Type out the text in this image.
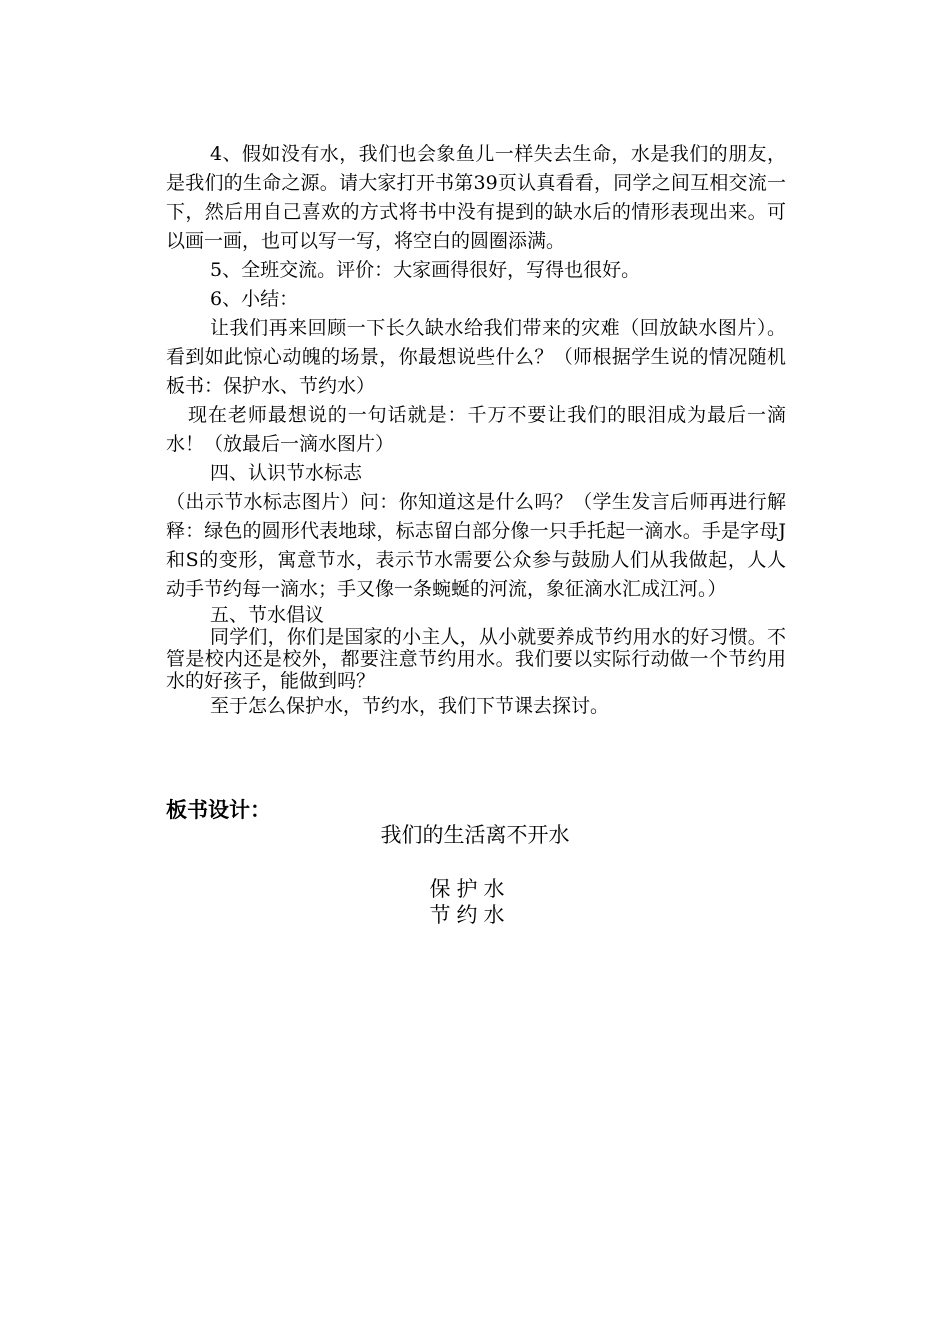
4、假如没有水，我们也会象鱼儿一样失去生命，水是我们的朋友，是我们的生命之源。请大家打开书第39页认真看看，同学之间互相交流一下，然后用自己喜欢的方式将书中没有提到的缺水后的情形表现出来。可以画一画，也可以写一写，将空白的圆圈添满。

5、全班交流。评价：大家画得很好，写得也很好。

6、小结：

让我们再来回顾一下长久缺水给我们带来的灾难（回放缺水图片）。看到如此惊心动魄的场景，你最想说些什么？（师根据学生说的情况随机板书：保护水、节约水）

现在老师最想说的一句话就是：千万不要让我们的眼泪成为最后一滴水！（放最后一滴水图片）

四、认识节水标志

（出示节水标志图片）问：你知道这是什么吗？（学生发言后师再进行解释：绿色的圆形代表地球，标志留白部分像一只手托起一滴水。手是字母J和S的变形，寓意节水，表示节水需要公众参与鼓励人们从我做起，人人动手节约每一滴水；手又像一条蜿蜒的河流，象征滴水汇成江河。）

五、节水倡议

同学们，你们是国家的小主人，从小就要养成节约用水的好习惯。不管是校内还是校外，都要注意节约用水。我们要以实际行动做一个节约用水的好孩子，能做到吗？

至于怎么保护水，节约水，我们下节课去探讨。

板书设计：

我们的生活离不开水

保护水

节约水
